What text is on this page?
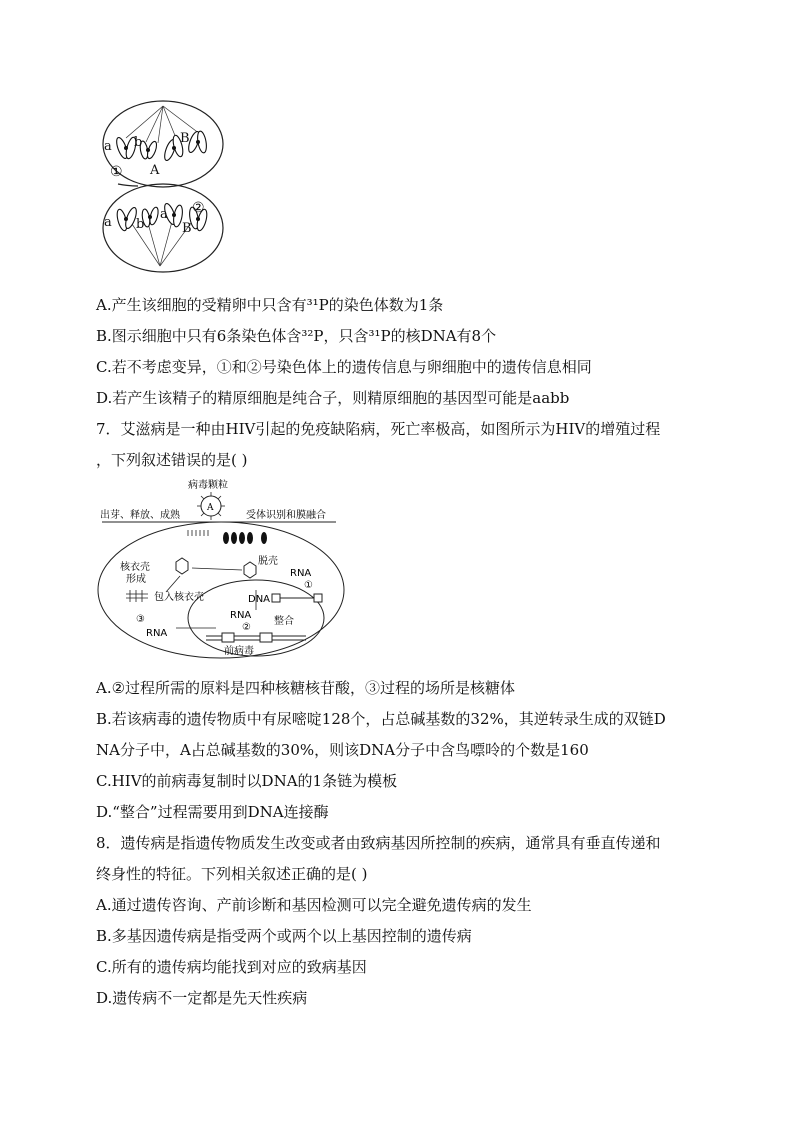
a b	B
A
①
a b
a
B
②
A.产生该细胞的受精卵中只含有³¹P的染色体数为1条
B.图示细胞中只有6条染色体含³²P，只含³¹P的核DNA有8个
C.若不考虑变异，①和②号染色体上的遗传信息与卵细胞中的遗传信息相同
D.若产生该精子的精原细胞是纯合子，则精原细胞的基因型可能是aabb
7．艾滋病是一种由HIV引起的免疫缺陷病，死亡率极高，如图所示为HIV的增殖过程
，下列叙述错误的是( )
A
病毒颗粒
受体识别和膜融合
出芽、释放、成熟
核衣壳
形成
脱壳
RNA
①
DNA
包入核衣壳
③
RNA
RNA
②
整合
前病毒
A.②过程所需的原料是四种核糖核苷酸，③过程的场所是核糖体
B.若该病毒的遗传物质中有尿嘧啶128个，占总碱基数的32%，其逆转录生成的双链D
NA分子中，A占总碱基数的30%，则该DNA分子中含鸟嘌呤的个数是160
C.HIV的前病毒复制时以DNA的1条链为模板
D.“整合”过程需要用到DNA连接酶
8．遗传病是指遗传物质发生改变或者由致病基因所控制的疾病，通常具有垂直传递和
终身性的特征。下列相关叙述正确的是( )
A.通过遗传咨询、产前诊断和基因检测可以完全避免遗传病的发生
B.多基因遗传病是指受两个或两个以上基因控制的遗传病
C.所有的遗传病均能找到对应的致病基因
D.遗传病不一定都是先天性疾病
